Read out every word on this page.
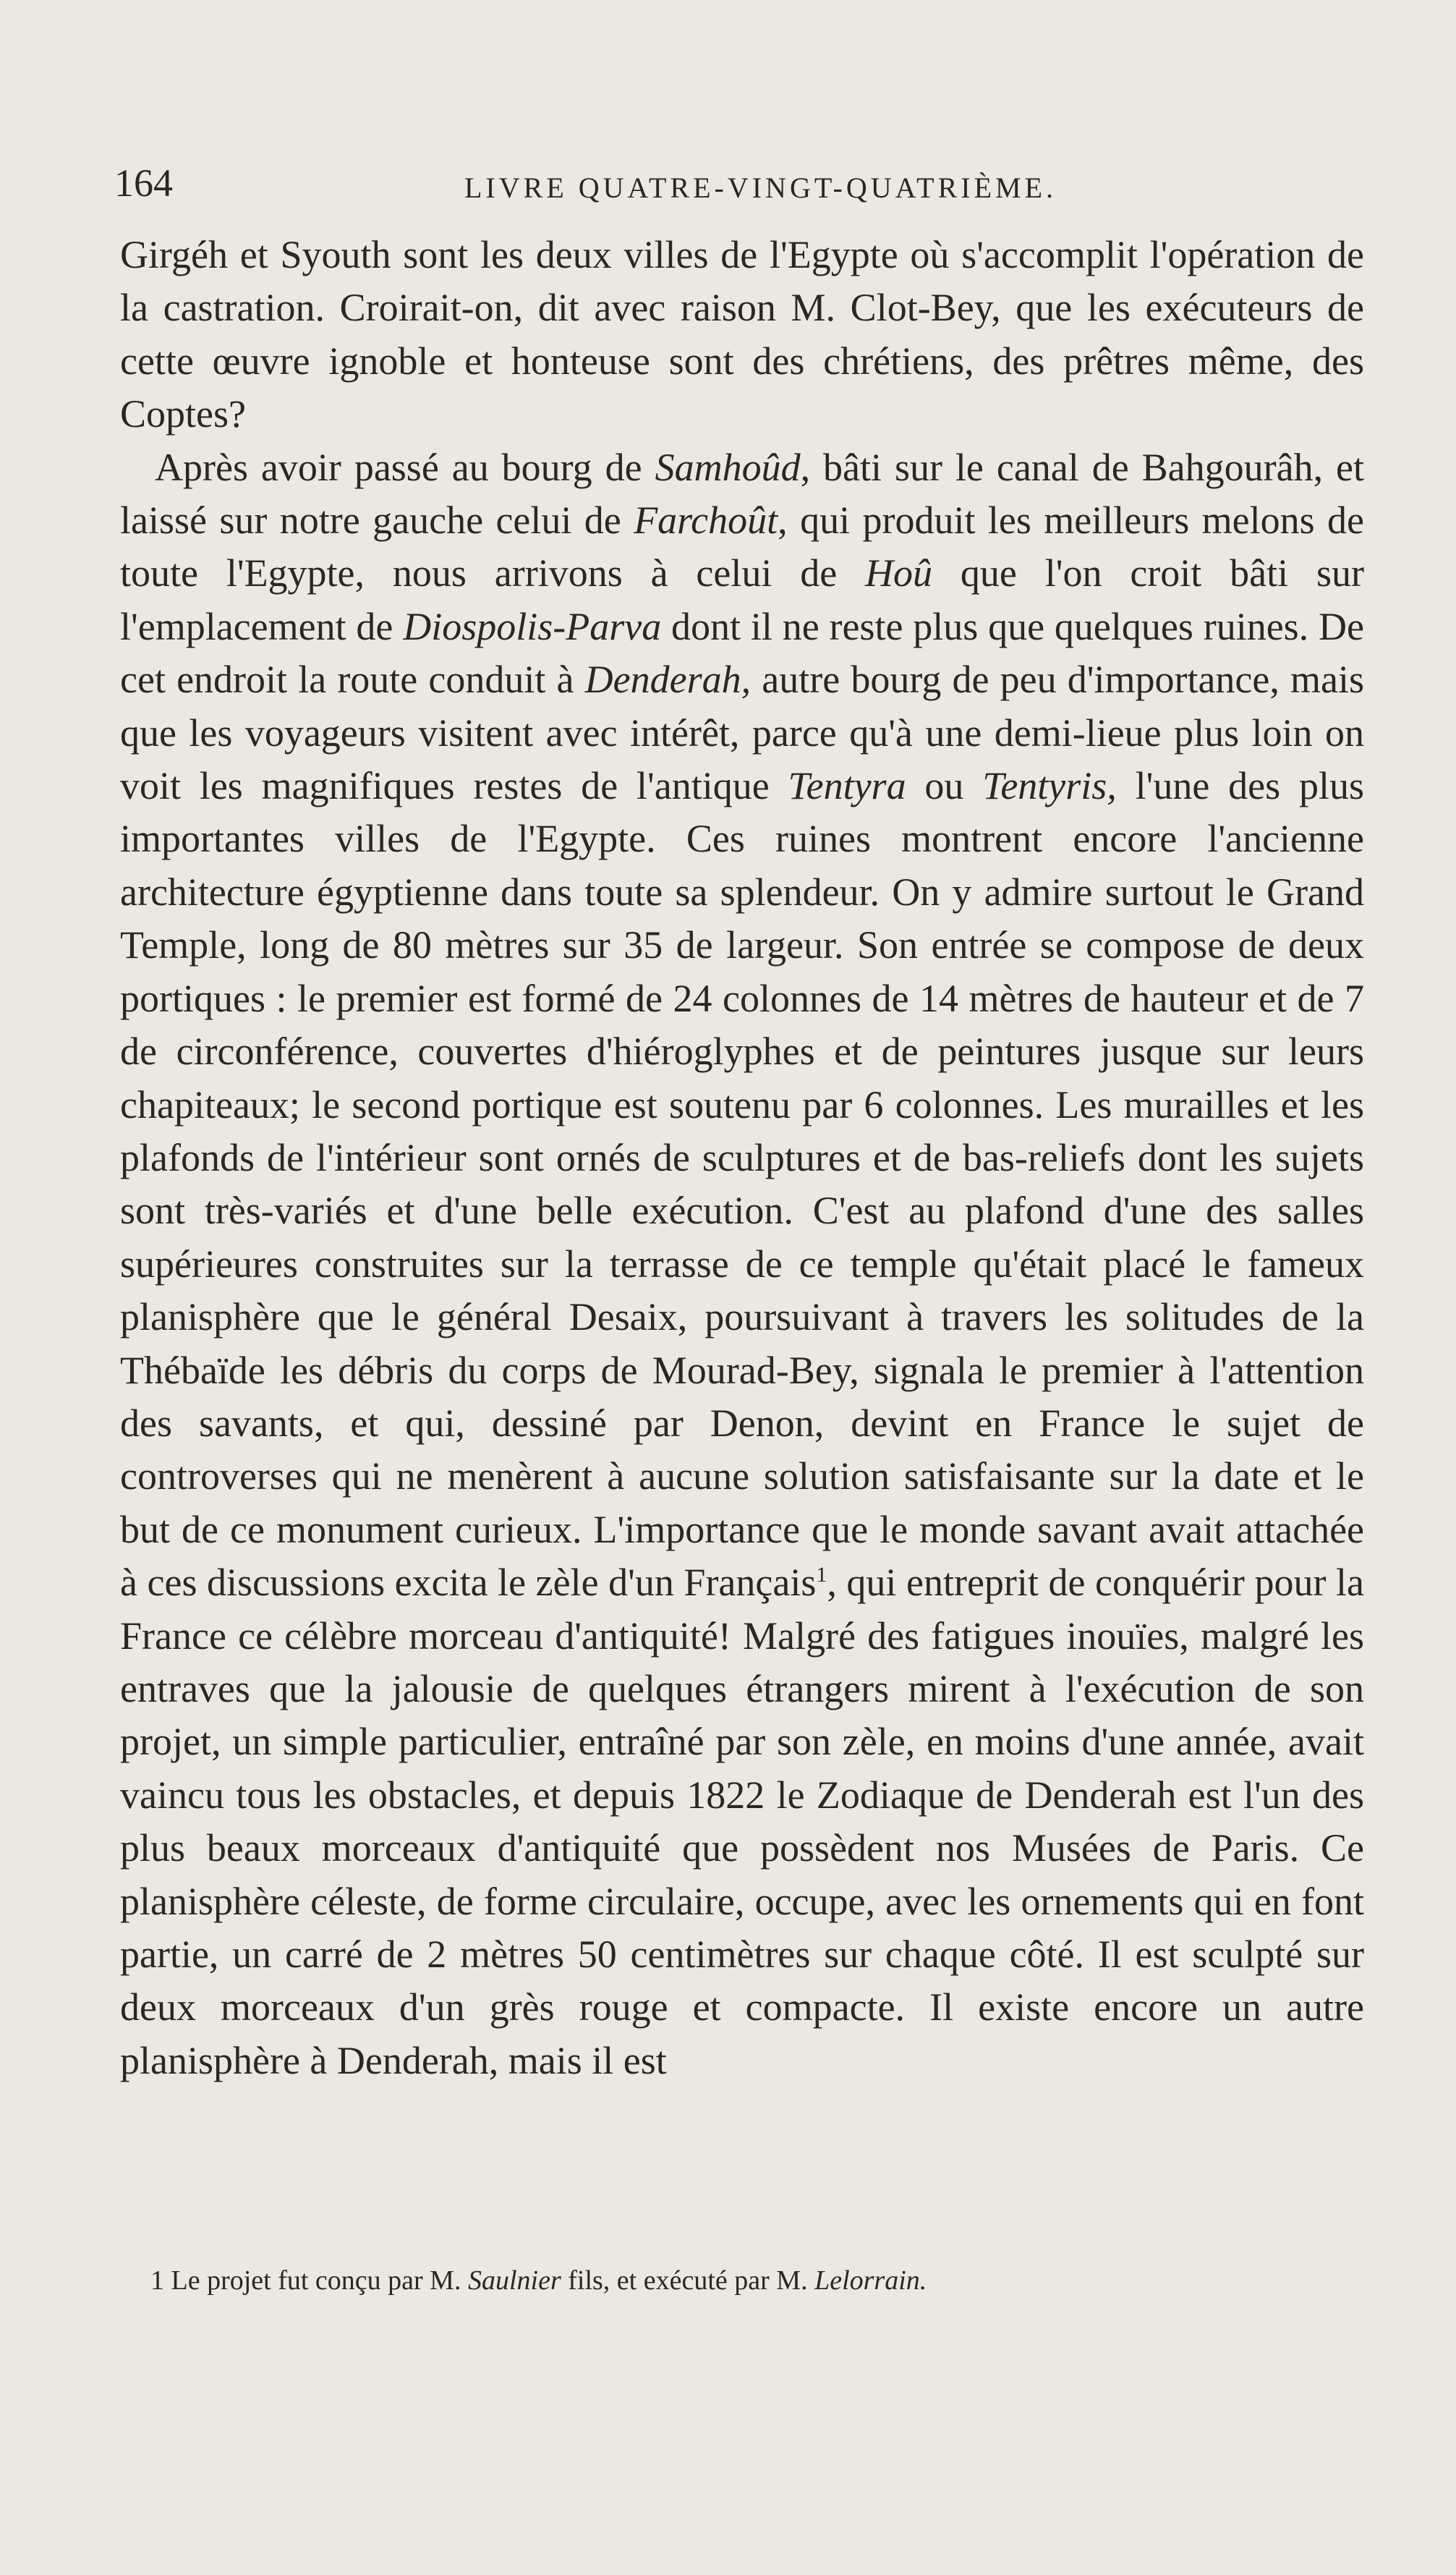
164	LIVRE QUATRE-VINGT-QUATRIÈME.

Girgéh et Syouth sont les deux villes de l'Egypte où s'accomplit l'opération de la castration. Croirait-on, dit avec raison M. Clot-Bey, que les exécuteurs de cette œuvre ignoble et honteuse sont des chrétiens, des prêtres même, des Coptes?

Après avoir passé au bourg de Samhoûd, bâti sur le canal de Bahgourâh, et laissé sur notre gauche celui de Farchoût, qui produit les meilleurs melons de toute l'Egypte, nous arrivons à celui de Hoû que l'on croit bâti sur l'emplacement de Diospolis-Parva dont il ne reste plus que quelques ruines. De cet endroit la route conduit à Denderah, autre bourg de peu d'importance, mais que les voyageurs visitent avec intérêt, parce qu'à une demi-lieue plus loin on voit les magnifiques restes de l'antique Tentyra ou Tentyris, l'une des plus importantes villes de l'Egypte. Ces ruines montrent encore l'ancienne architecture égyptienne dans toute sa splendeur. On y admire surtout le Grand Temple, long de 80 mètres sur 35 de largeur. Son entrée se compose de deux portiques : le premier est formé de 24 colonnes de 14 mètres de hauteur et de 7 de circonférence, couvertes d'hiéroglyphes et de peintures jusque sur leurs chapiteaux; le second portique est soutenu par 6 colonnes. Les murailles et les plafonds de l'intérieur sont ornés de sculptures et de bas-reliefs dont les sujets sont très-variés et d'une belle exécution. C'est au plafond d'une des salles supérieures construites sur la terrasse de ce temple qu'était placé le fameux planisphère que le général Desaix, poursuivant à travers les solitudes de la Thébaïde les débris du corps de Mourad-Bey, signala le premier à l'attention des savants, et qui, dessiné par Denon, devint en France le sujet de controverses qui ne menèrent à aucune solution satisfaisante sur la date et le but de ce monument curieux. L'importance que le monde savant avait attachée à ces discussions excita le zèle d'un Français$^1$, qui entreprit de conquérir pour la France ce célèbre morceau d'antiquité! Malgré des fatigues inouïes, malgré les entraves que la jalousie de quelques étrangers mirent à l'exécution de son projet, un simple particulier, entraîné par son zèle, en moins d'une année, avait vaincu tous les obstacles, et depuis 1822 le Zodiaque de Denderah est l'un des plus beaux morceaux d'antiquité que possèdent nos Musées de Paris. Ce planisphère céleste, de forme circulaire, occupe, avec les ornements qui en font partie, un carré de 2 mètres 50 centimètres sur chaque côté. Il est sculpté sur deux morceaux d'un grès rouge et compacte. Il existe encore un autre planisphère à Denderah, mais il est

1 Le projet fut conçu par M. Saulnier fils, et exécuté par M. Lelorrain.
